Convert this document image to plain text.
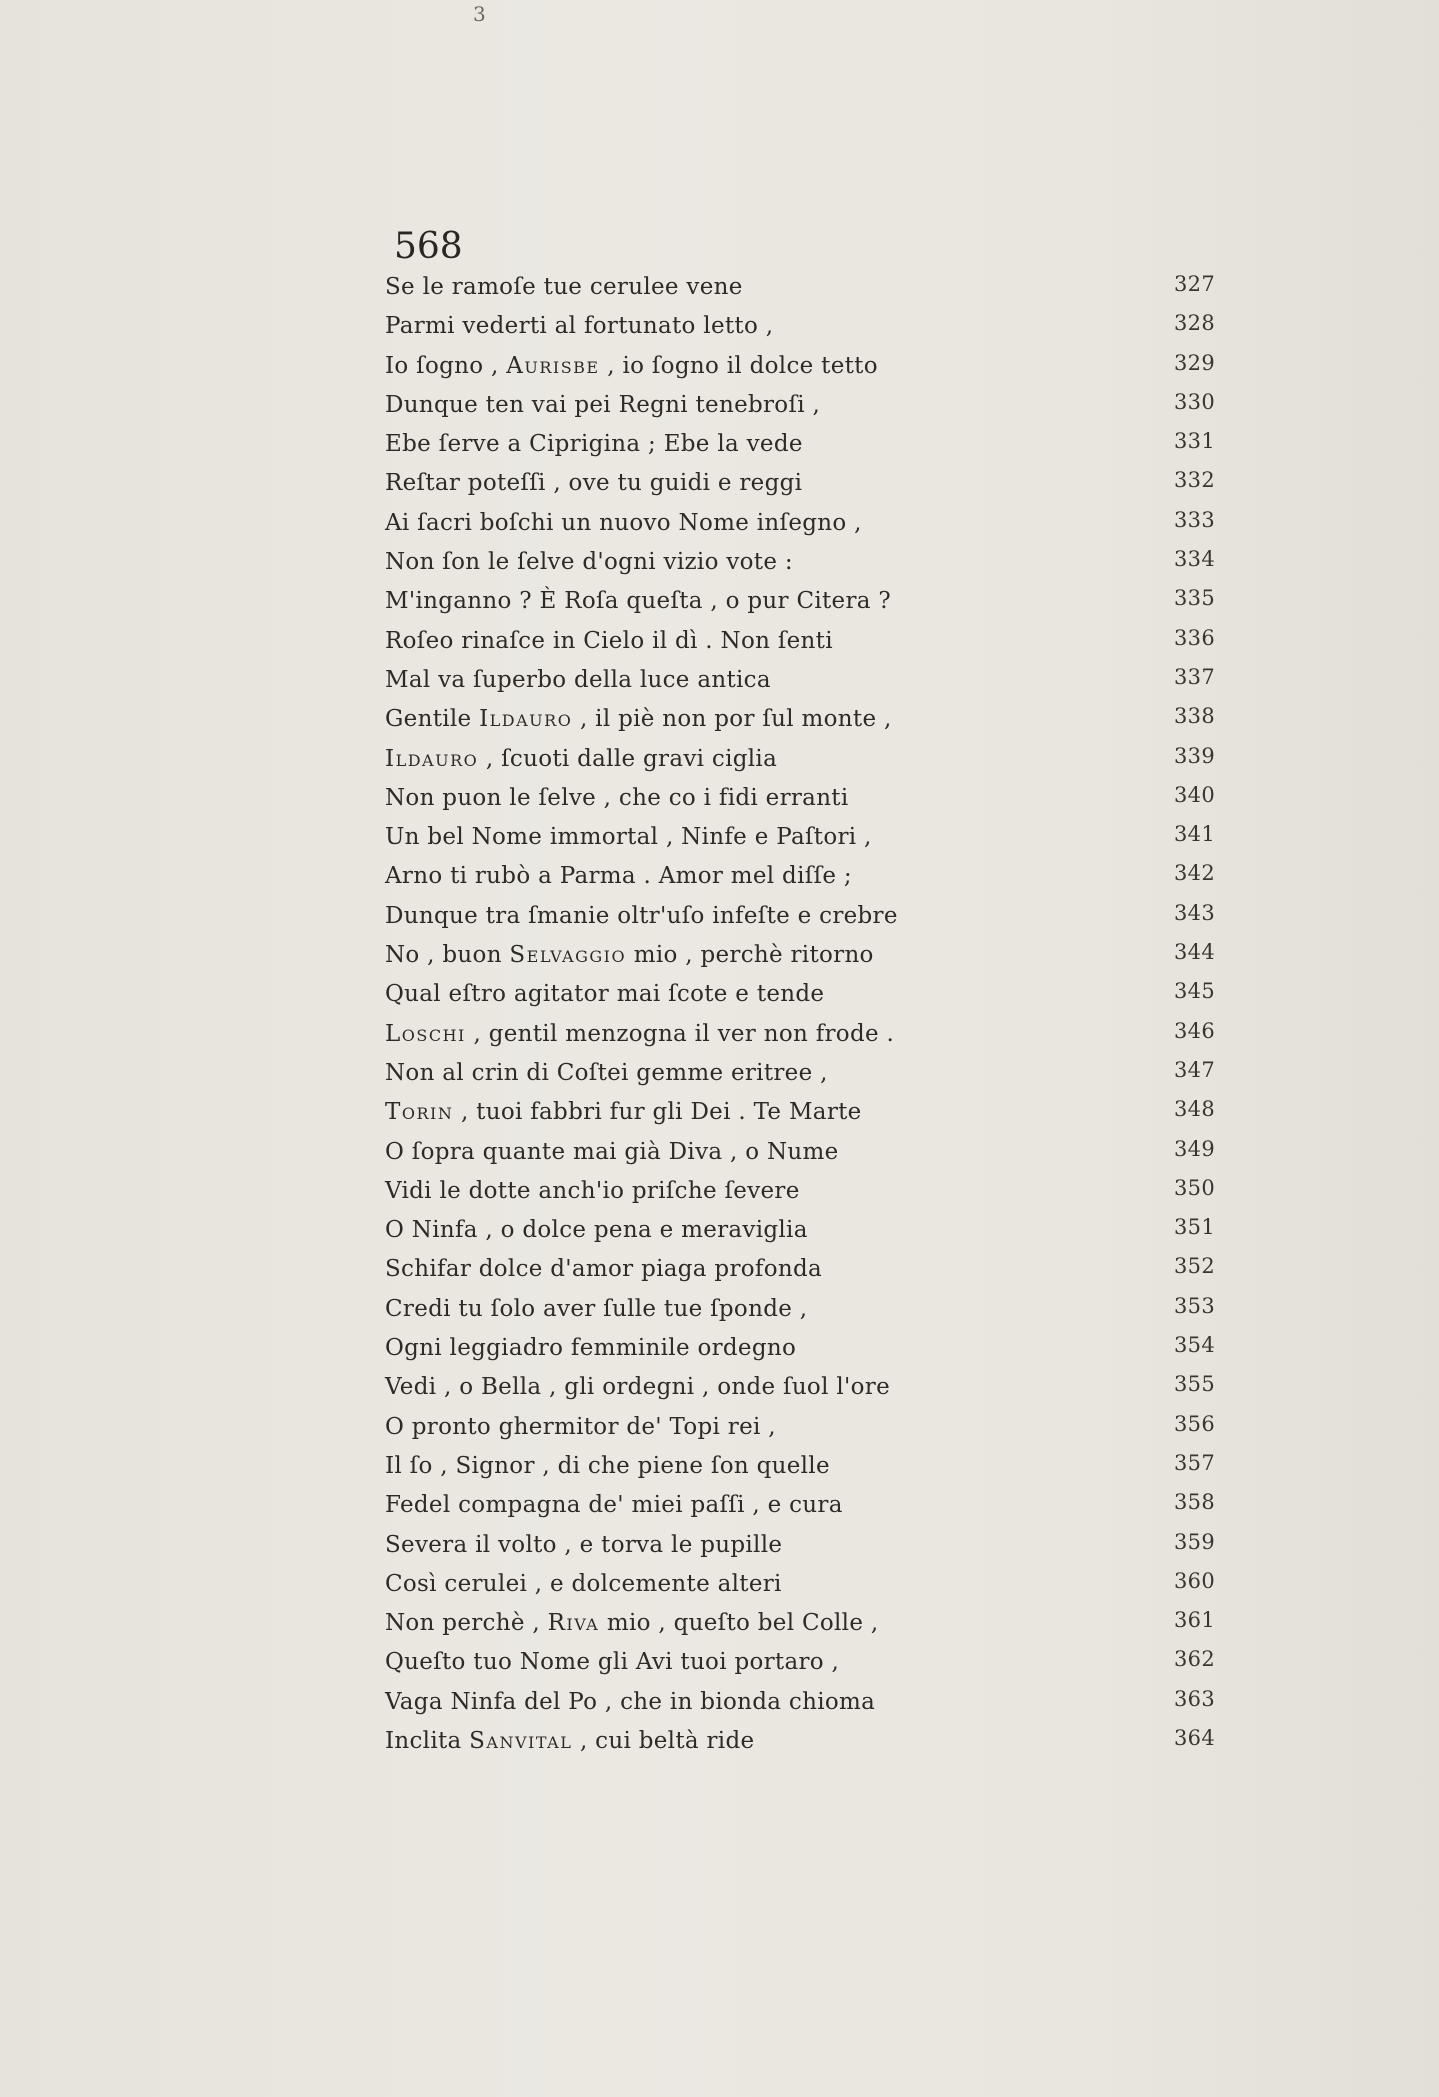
3
568
Se le ramoſe tue cerulee vene	327
Parmi vederti al fortunato letto ,	328
Io ſogno , Aurisbe , io ſogno il dolce tetto	329
Dunque ten vai pei Regni tenebroſi ,	330
Ebe ſerve a Ciprigina ; Ebe la vede	331
Reſtar poteſſi , ove tu guidi e reggi	332
Ai ſacri boſchi un nuovo Nome inſegno ,	333
Non ſon le ſelve d'ogni vizio vote :	334
M'inganno ? È Roſa queſta , o pur Citera ?	335
Roſeo rinaſce in Cielo il dì . Non ſenti	336
Mal va ſuperbo della luce antica	337
Gentile Ildauro , il piè non por ſul monte ,	338
Ildauro , ſcuoti dalle gravi ciglia	339
Non puon le ſelve , che co i fidi erranti	340
Un bel Nome immortal , Ninfe e Paſtori ,	341
Arno ti rubò a Parma . Amor mel diſſe ;	342
Dunque tra ſmanie oltr'uſo infeſte e crebre	343
No , buon Selvaggio mio , perchè ritorno	344
Qual eſtro agitator mai ſcote e tende	345
Loschi , gentil menzogna il ver non frode .	346
Non al crin di Coſtei gemme eritree ,	347
Torin , tuoi fabbri fur gli Dei . Te Marte	348
O ſopra quante mai già Diva , o Nume	349
Vidi le dotte anch'io priſche ſevere	350
O Ninfa , o dolce pena e meraviglia	351
Schifar dolce d'amor piaga profonda	352
Credi tu ſolo aver ſulle tue ſponde ,	353
Ogni leggiadro femminile ordegno	354
Vedi , o Bella , gli ordegni , onde ſuol l'ore	355
O pronto ghermitor de' Topi rei ,	356
Il ſo , Signor , di che piene ſon quelle	357
Fedel compagna de' miei paſſi , e cura	358
Severa il volto , e torva le pupille	359
Così cerulei , e dolcemente alteri	360
Non perchè , Riva mio , queſto bel Colle ,	361
Queſto tuo Nome gli Avi tuoi portaro ,	362
Vaga Ninfa del Po , che in bionda chioma	363
Inclita Sanvital , cui beltà ride	364
